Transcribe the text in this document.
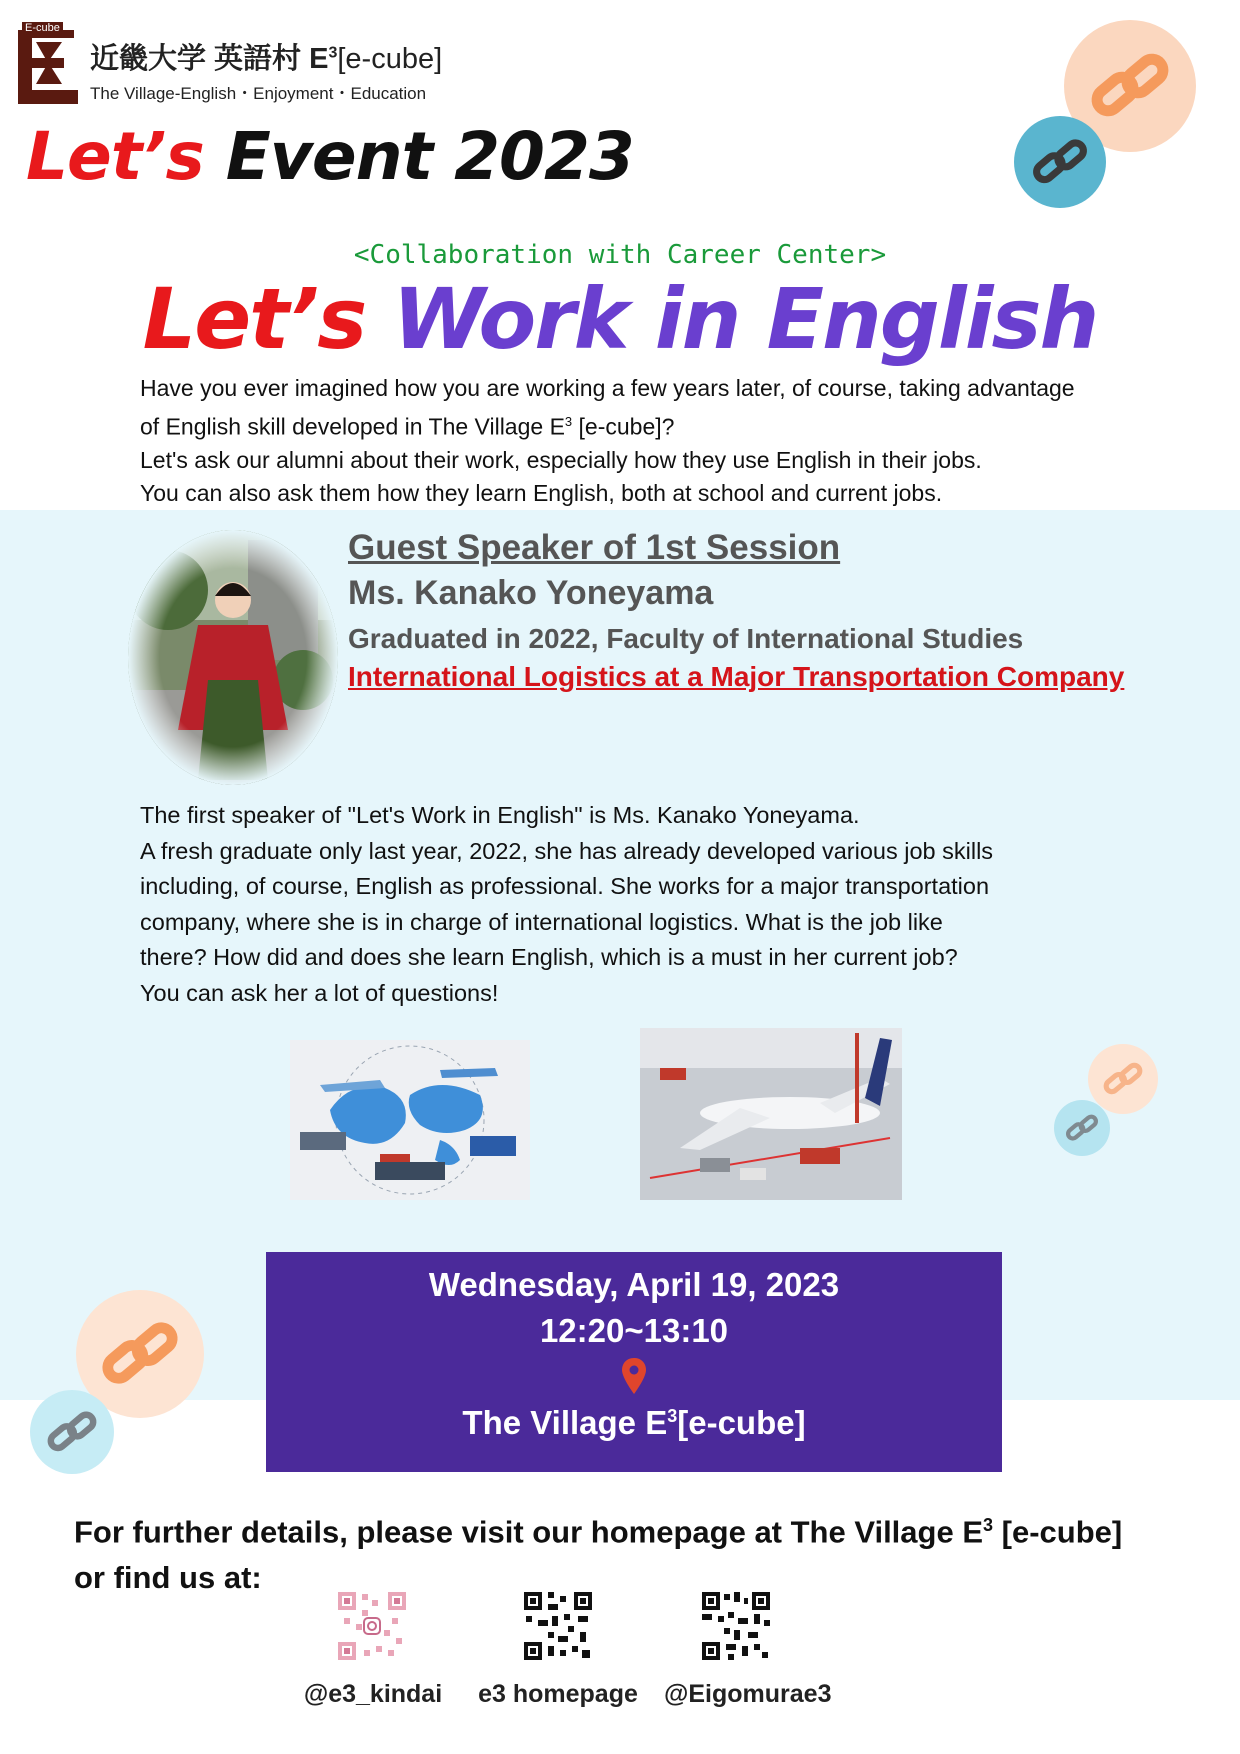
E-cube
近畿大学 英語村 $E^3[e-cube]$
The Village-English・Enjoyment・Education
Let’s Event 2023
<Collaboration with Career Center>
Let’s Work in English

Have you ever imagined how you are working a few years later, of course, taking advantage

of English skill developed in The Village $E^3$ [e-cube]?

Let's ask our alumni about their work, especially how they use English in their jobs.

You can also ask them how they learn English, both at school and current jobs.

Guest Speaker of 1st Session

Ms. Kanako Yoneyama

Graduated in 2022, Faculty of International Studies

International Logistics at a Major Transportation Company

The first speaker of "Let's Work in English" is Ms. Kanako Yoneyama.

A fresh graduate only last year, 2022, she has already developed various job skills

including, of course, English as professional. She works for a major transportation

company, where she is in charge of international logistics. What is the job like

there? How did and does she learn English, which is a must in her current job?

You can ask her a lot of questions!

Wednesday, April 19, 2023
12:20~13:10
The Village $E^3[e-cube]$

For further details, please visit our homepage at The Village $E^3$ [e-cube]

or find us at:

@e3_kindai	e3 homepage	@Eigomurae3
